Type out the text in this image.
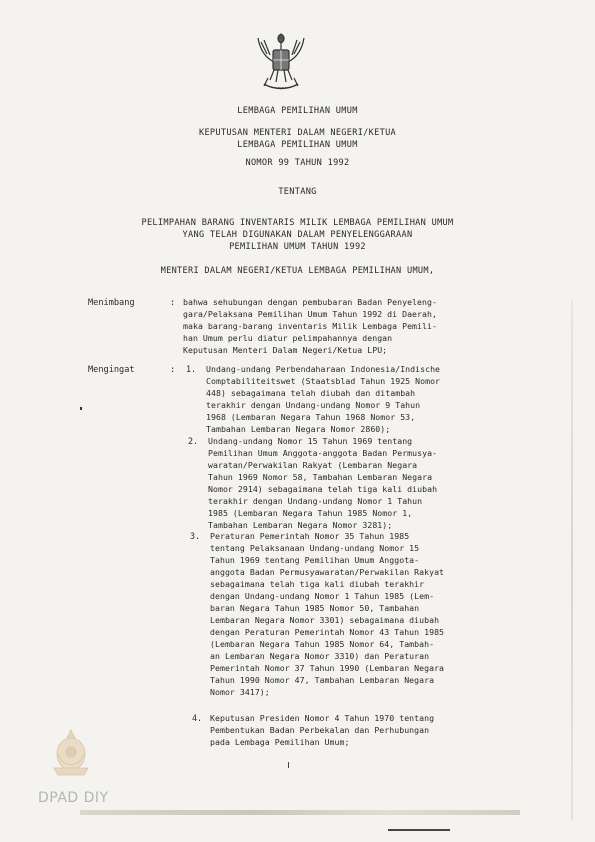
~~~~~~
LEMBAGA PEMILIHAN UMUM
KEPUTUSAN MENTERI DALAM NEGERI/KETUA
LEMBAGA PEMILIHAN UMUM
NOMOR 99 TAHUN 1992
TENTANG
PELIMPAHAN BARANG INVENTARIS MILIK LEMBAGA PEMILIHAN UMUM
YANG TELAH DIGUNAKAN DALAM PENYELENGGARAAN
PEMILIHAN UMUM TAHUN 1992
MENTERI DALAM NEGERI/KETUA LEMBAGA PEMILIHAN UMUM,
Menimbang	: bahwa sehubungan dengan pembubaran Badan Penyeleng-
gara/Pelaksana Pemilihan Umum Tahun 1992 di Daerah,
maka barang-barang inventaris Milik Lembaga Pemili-
han Umum perlu diatur pelimpahannya dengan
Keputusan Menteri Dalam Negeri/Ketua LPU;
Mengingat	: 1. Undang-undang Perbendaharaan Indonesia/Indische
Comptabiliteitswet (Staatsblad Tahun 1925 Nomor
448) sebagaimana telah diubah dan ditambah
terakhir dengan Undang-undang Nomor 9 Tahun
1968 (Lembaran Negara Tahun 1968 Nomor 53,
Tambahan Lembaran Negara Nomor 2860);
2. Undang-undang Nomor 15 Tahun 1969 tentang
Pemilihan Umum Anggota-anggota Badan Permusya-
waratan/Perwakilan Rakyat (Lembaran Negara
Tahun 1969 Nomor 58, Tambahan Lembaran Negara
Nomor 2914) sebagaimana telah tiga kali diubah
terakhir dengan Undang-undang Nomor 1 Tahun
1985 (Lembaran Negara Tahun 1985 Nomor 1,
Tambahan Lembaran Negara Nomor 3281);
3. Peraturan Pemerintah Nomor 35 Tahun 1985
tentang Pelaksanaan Undang-undang Nomor 15
Tahun 1969 tentang Pemilihan Umum Anggota-
anggota Badan Permusyawaratan/Perwakilan Rakyat
sebagaimana telah tiga kali diubah terakhir
dengan Undang-undang Nomor 1 Tahun 1985 (Lem-
baran Negara Tahun 1985 Nomor 50, Tambahan
Lembaran Negara Nomor 3301) sebagaimana diubah
dengan Peraturan Pemerintah Nomor 43 Tahun 1985
(Lembaran Negara Tahun 1985 Nomor 64, Tambah-
an Lembaran Negara Nomor 3310) dan Peraturan
Pemerintah Nomor 37 Tahun 1990 (Lembaran Negara
Tahun 1990 Nomor 47, Tambahan Lembaran Negara
Nomor 3417);
4. Keputusan Presiden Nomor 4 Tahun 1970 tentang
Pembentukan Badan Perbekalan dan Perhubungan
pada Lembaga Pemilihan Umum;
DPAD DIY
